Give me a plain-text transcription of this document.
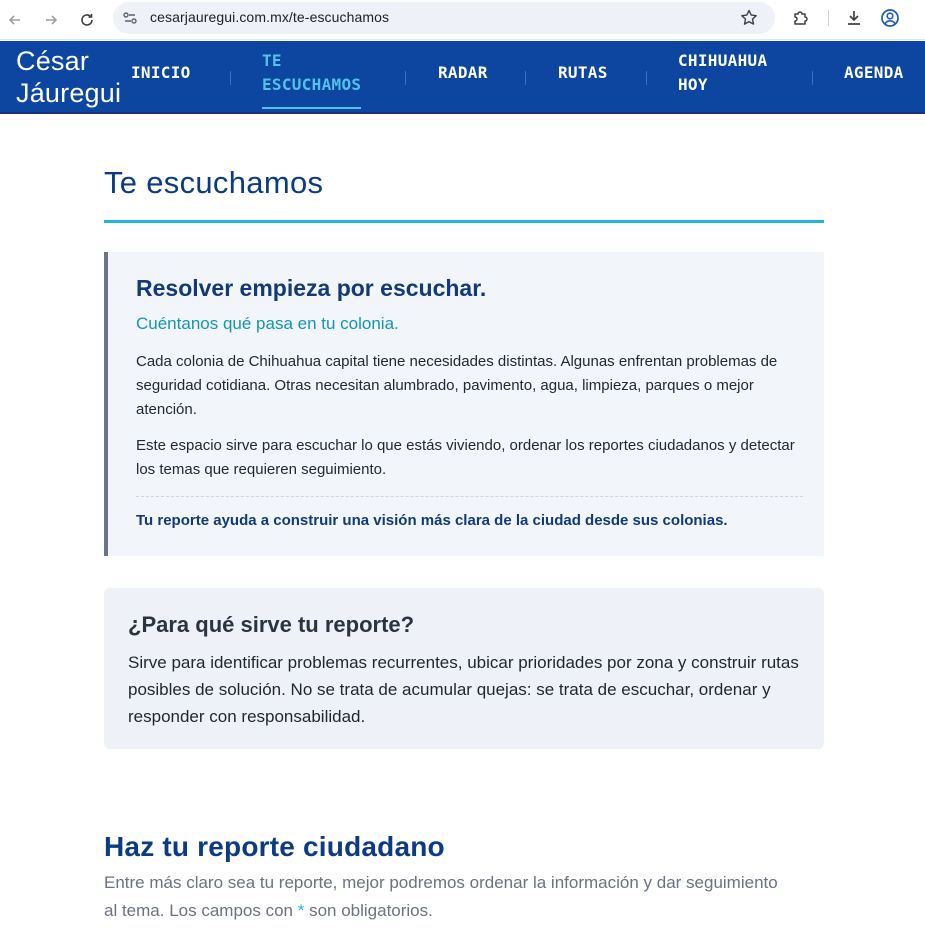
cesarjauregui.com.mx/te-escuchamos
César
Jáuregui
INICIO
TE
ESCUCHAMOS
RADAR	RUTAS
CHIHUAHUA
HOY
AGENDA
Te escuchamos
Resolver empieza por escuchar.

Cuéntanos qué pasa en tu colonia.

Cada colonia de Chihuahua capital tiene necesidades distintas. Algunas enfrentan problemas de seguridad cotidiana. Otras necesitan alumbrado, pavimento, agua, limpieza, parques o mejor atención.

Este espacio sirve para escuchar lo que estás viviendo, ordenar los reportes ciudadanos y detectar los temas que requieren seguimiento.

Tu reporte ayuda a construir una visión más clara de la ciudad desde sus colonias.

¿Para qué sirve tu reporte?

Sirve para identificar problemas recurrentes, ubicar prioridades por zona y construir rutas posibles de solución. No se trata de acumular quejas: se trata de escuchar, ordenar y responder con responsabilidad.

Haz tu reporte ciudadano

Entre más claro sea tu reporte, mejor podremos ordenar la información y dar seguimiento al tema. Los campos con * son obligatorios.
